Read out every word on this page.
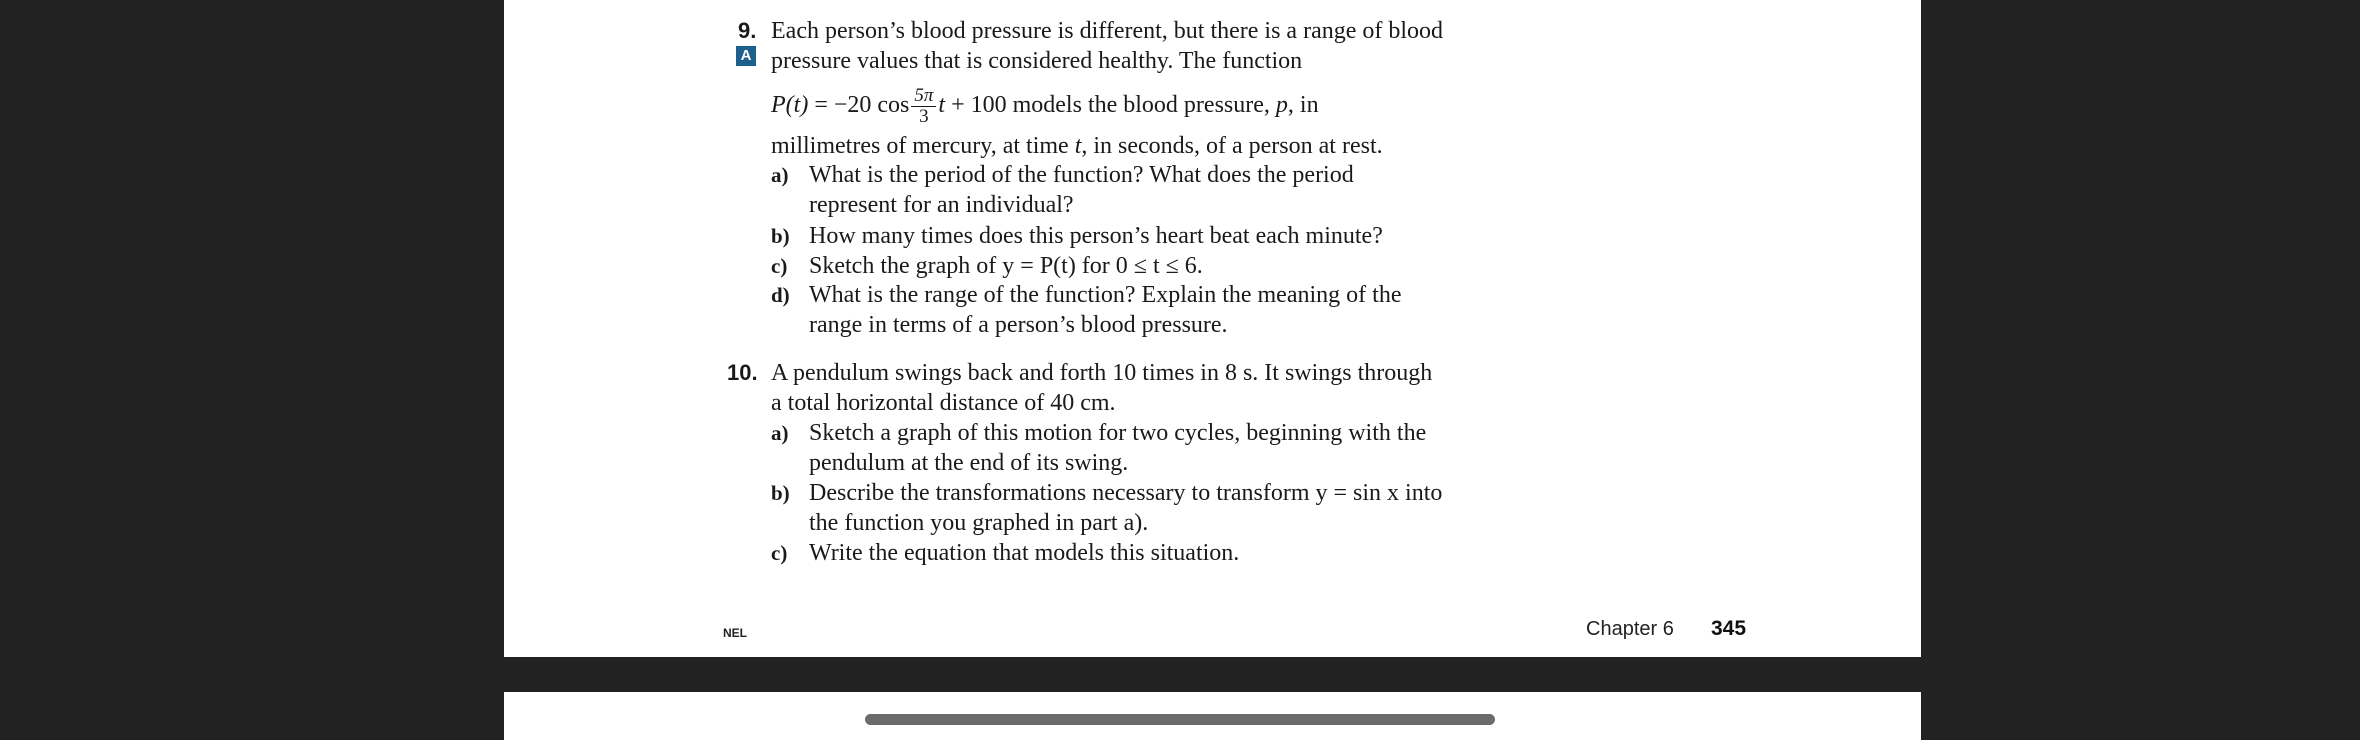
9.
A
Each person’s blood pressure is different, but there is a range of blood
pressure values that is considered healthy. The function
P(t) = −20 $\cos \frac{5\pi}{3}$ t + 100 models the blood pressure, p, in
millimetres of mercury, at time t, in seconds, of a person at rest.
a) What is the period of the function? What does the period
represent for an individual?
b) How many times does this person’s heart beat each minute?
c) Sketch the graph of y = P(t) for 0 ≤ t ≤ 6.
d) What is the range of the function? Explain the meaning of the
range in terms of a person’s blood pressure.
10. A pendulum swings back and forth 10 times in 8 s. It swings through
a total horizontal distance of 40 cm.
a) Sketch a graph of this motion for two cycles, beginning with the
pendulum at the end of its swing.
b) Describe the transformations necessary to transform y = sin x into
the function you graphed in part a).
c) Write the equation that models this situation.
NEL	Chapter 6 345
